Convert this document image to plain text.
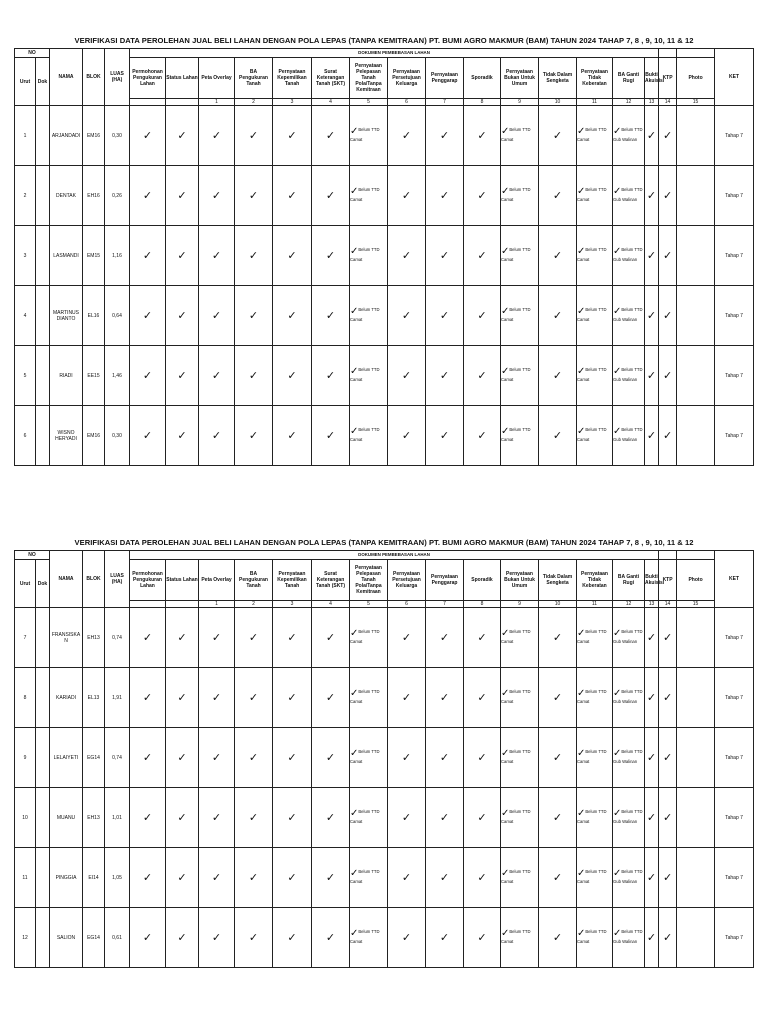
VERIFIKASI DATA PEROLEHAN JUAL BELI LAHAN DENGAN POLA LEPAS (TANPA KEMITRAAN) PT. BUMI AGRO MAKMUR (BAM) TAHUN 2024 TAHAP 7, 8 , 9, 10, 11 & 12
NO		NAMA	BLOK	LUAS (HA)	DOKUMEN PEMBEBASAN LAHAN																	KET
Urut	Dok				Permohonan Pengukuran Lahan	Status Lahan	Peta Overlay	BA Pengukuran Tanah	Pernyataan Kepemilikan Tanah	Surat Keterangan Tanah (SKT)	Pernyataan Pelepasan Tanah Pola/Tanpa Kemitraan	Pernyataan Persetujuan Keluarga	Pernyataan Penggarap	Sporadik	Pernyataan Bukan Untuk Umum	Tidak Dalam Sengketa	Pernyataan Tidak Keberatan	BA Ganti Rugi	Bukti Akuisisi	KTP	Photo	
							1	2	3	4	5	6	7	8	9	10	11	12	13	14	15	
1		ARJANDADI	EM16	0,30	✓	✓	✓	✓	✓	✓	✓Belum TTD Camat	✓	✓	✓	✓Belum TTD Camat	✓	✓Belum TTD Camat	✓Belum TTD Gub Walinan	✓	✓		Tahap 7
2		DENTAK	EH16	0,26	✓	✓	✓	✓	✓	✓	✓Belum TTD Camat	✓	✓	✓	✓Belum TTD Camat	✓	✓Belum TTD Camat	✓Belum TTD Gub Walinan	✓	✓		Tahap 7
3		LASMANDI	EM15	1,16	✓	✓	✓	✓	✓	✓	✓Belum TTD Camat	✓	✓	✓	✓Belum TTD Camat	✓	✓Belum TTD Camat	✓Belum TTD Gub Walinan	✓	✓		Tahap 7
4		MARTINUS DIANTO	EL16	0,64	✓	✓	✓	✓	✓	✓	✓Belum TTD Camat	✓	✓	✓	✓Belum TTD Camat	✓	✓Belum TTD Camat	✓Belum TTD Gub Walinan	✓	✓		Tahap 7
5		RIADI	EE15	1,46	✓	✓	✓	✓	✓	✓	✓Belum TTD Camat	✓	✓	✓	✓Belum TTD Camat	✓	✓Belum TTD Camat	✓Belum TTD Gub Walinan	✓	✓		Tahap 7
6		WISNO HERYADI	EM16	0,30	✓	✓	✓	✓	✓	✓	✓Belum TTD Camat	✓	✓	✓	✓Belum TTD Camat	✓	✓Belum TTD Camat	✓Belum TTD Gub Walinan	✓	✓		Tahap 7
VERIFIKASI DATA PEROLEHAN JUAL BELI LAHAN DENGAN POLA LEPAS (TANPA KEMITRAAN) PT. BUMI AGRO MAKMUR (BAM) TAHUN 2024 TAHAP 7, 8 , 9, 10, 11 & 12
NO		NAMA	BLOK	LUAS (HA)	DOKUMEN PEMBEBASAN LAHAN																	KET
Urut	Dok				Permohonan Pengukuran Lahan	Status Lahan	Peta Overlay	BA Pengukuran Tanah	Pernyataan Kepemilikan Tanah	Surat Keterangan Tanah (SKT)	Pernyataan Pelepasan Tanah Pola/Tanpa Kemitraan	Pernyataan Persetujuan Keluarga	Pernyataan Penggarap	Sporadik	Pernyataan Bukan Untuk Umum	Tidak Dalam Sengketa	Pernyataan Tidak Keberatan	BA Ganti Rugi	Bukti Akuisisi	KTP	Photo	
							1	2	3	4	5	6	7	8	9	10	11	12	13	14	15	
7		FRANSISKA N	EH13	0,74	✓	✓	✓	✓	✓	✓	✓Belum TTD Camat	✓	✓	✓	✓Belum TTD Camat	✓	✓Belum TTD Camat	✓Belum TTD Gub Walinan	✓	✓		Tahap 7
8		KARIADI	EL13	1,91	✓	✓	✓	✓	✓	✓	✓Belum TTD Camat	✓	✓	✓	✓Belum TTD Camat	✓	✓Belum TTD Camat	✓Belum TTD Gub Walinan	✓	✓		Tahap 7
9		LELAIYETI	EG14	0,74	✓	✓	✓	✓	✓	✓	✓Belum TTD Camat	✓	✓	✓	✓Belum TTD Camat	✓	✓Belum TTD Camat	✓Belum TTD Gub Walinan	✓	✓		Tahap 7
10		MUANU	EH13	1,01	✓	✓	✓	✓	✓	✓	✓Belum TTD Camat	✓	✓	✓	✓Belum TTD Camat	✓	✓Belum TTD Camat	✓Belum TTD Gub Walinan	✓	✓		Tahap 7
11		PINGGIA	EI14	1,05	✓	✓	✓	✓	✓	✓	✓Belum TTD Camat	✓	✓	✓	✓Belum TTD Camat	✓	✓Belum TTD Camat	✓Belum TTD Gub Walinan	✓	✓		Tahap 7
12		SALION	EG14	0,61	✓	✓	✓	✓	✓	✓	✓Belum TTD Camat	✓	✓	✓	✓Belum TTD Camat	✓	✓Belum TTD Camat	✓Belum TTD Gub Walinan	✓	✓		Tahap 7
